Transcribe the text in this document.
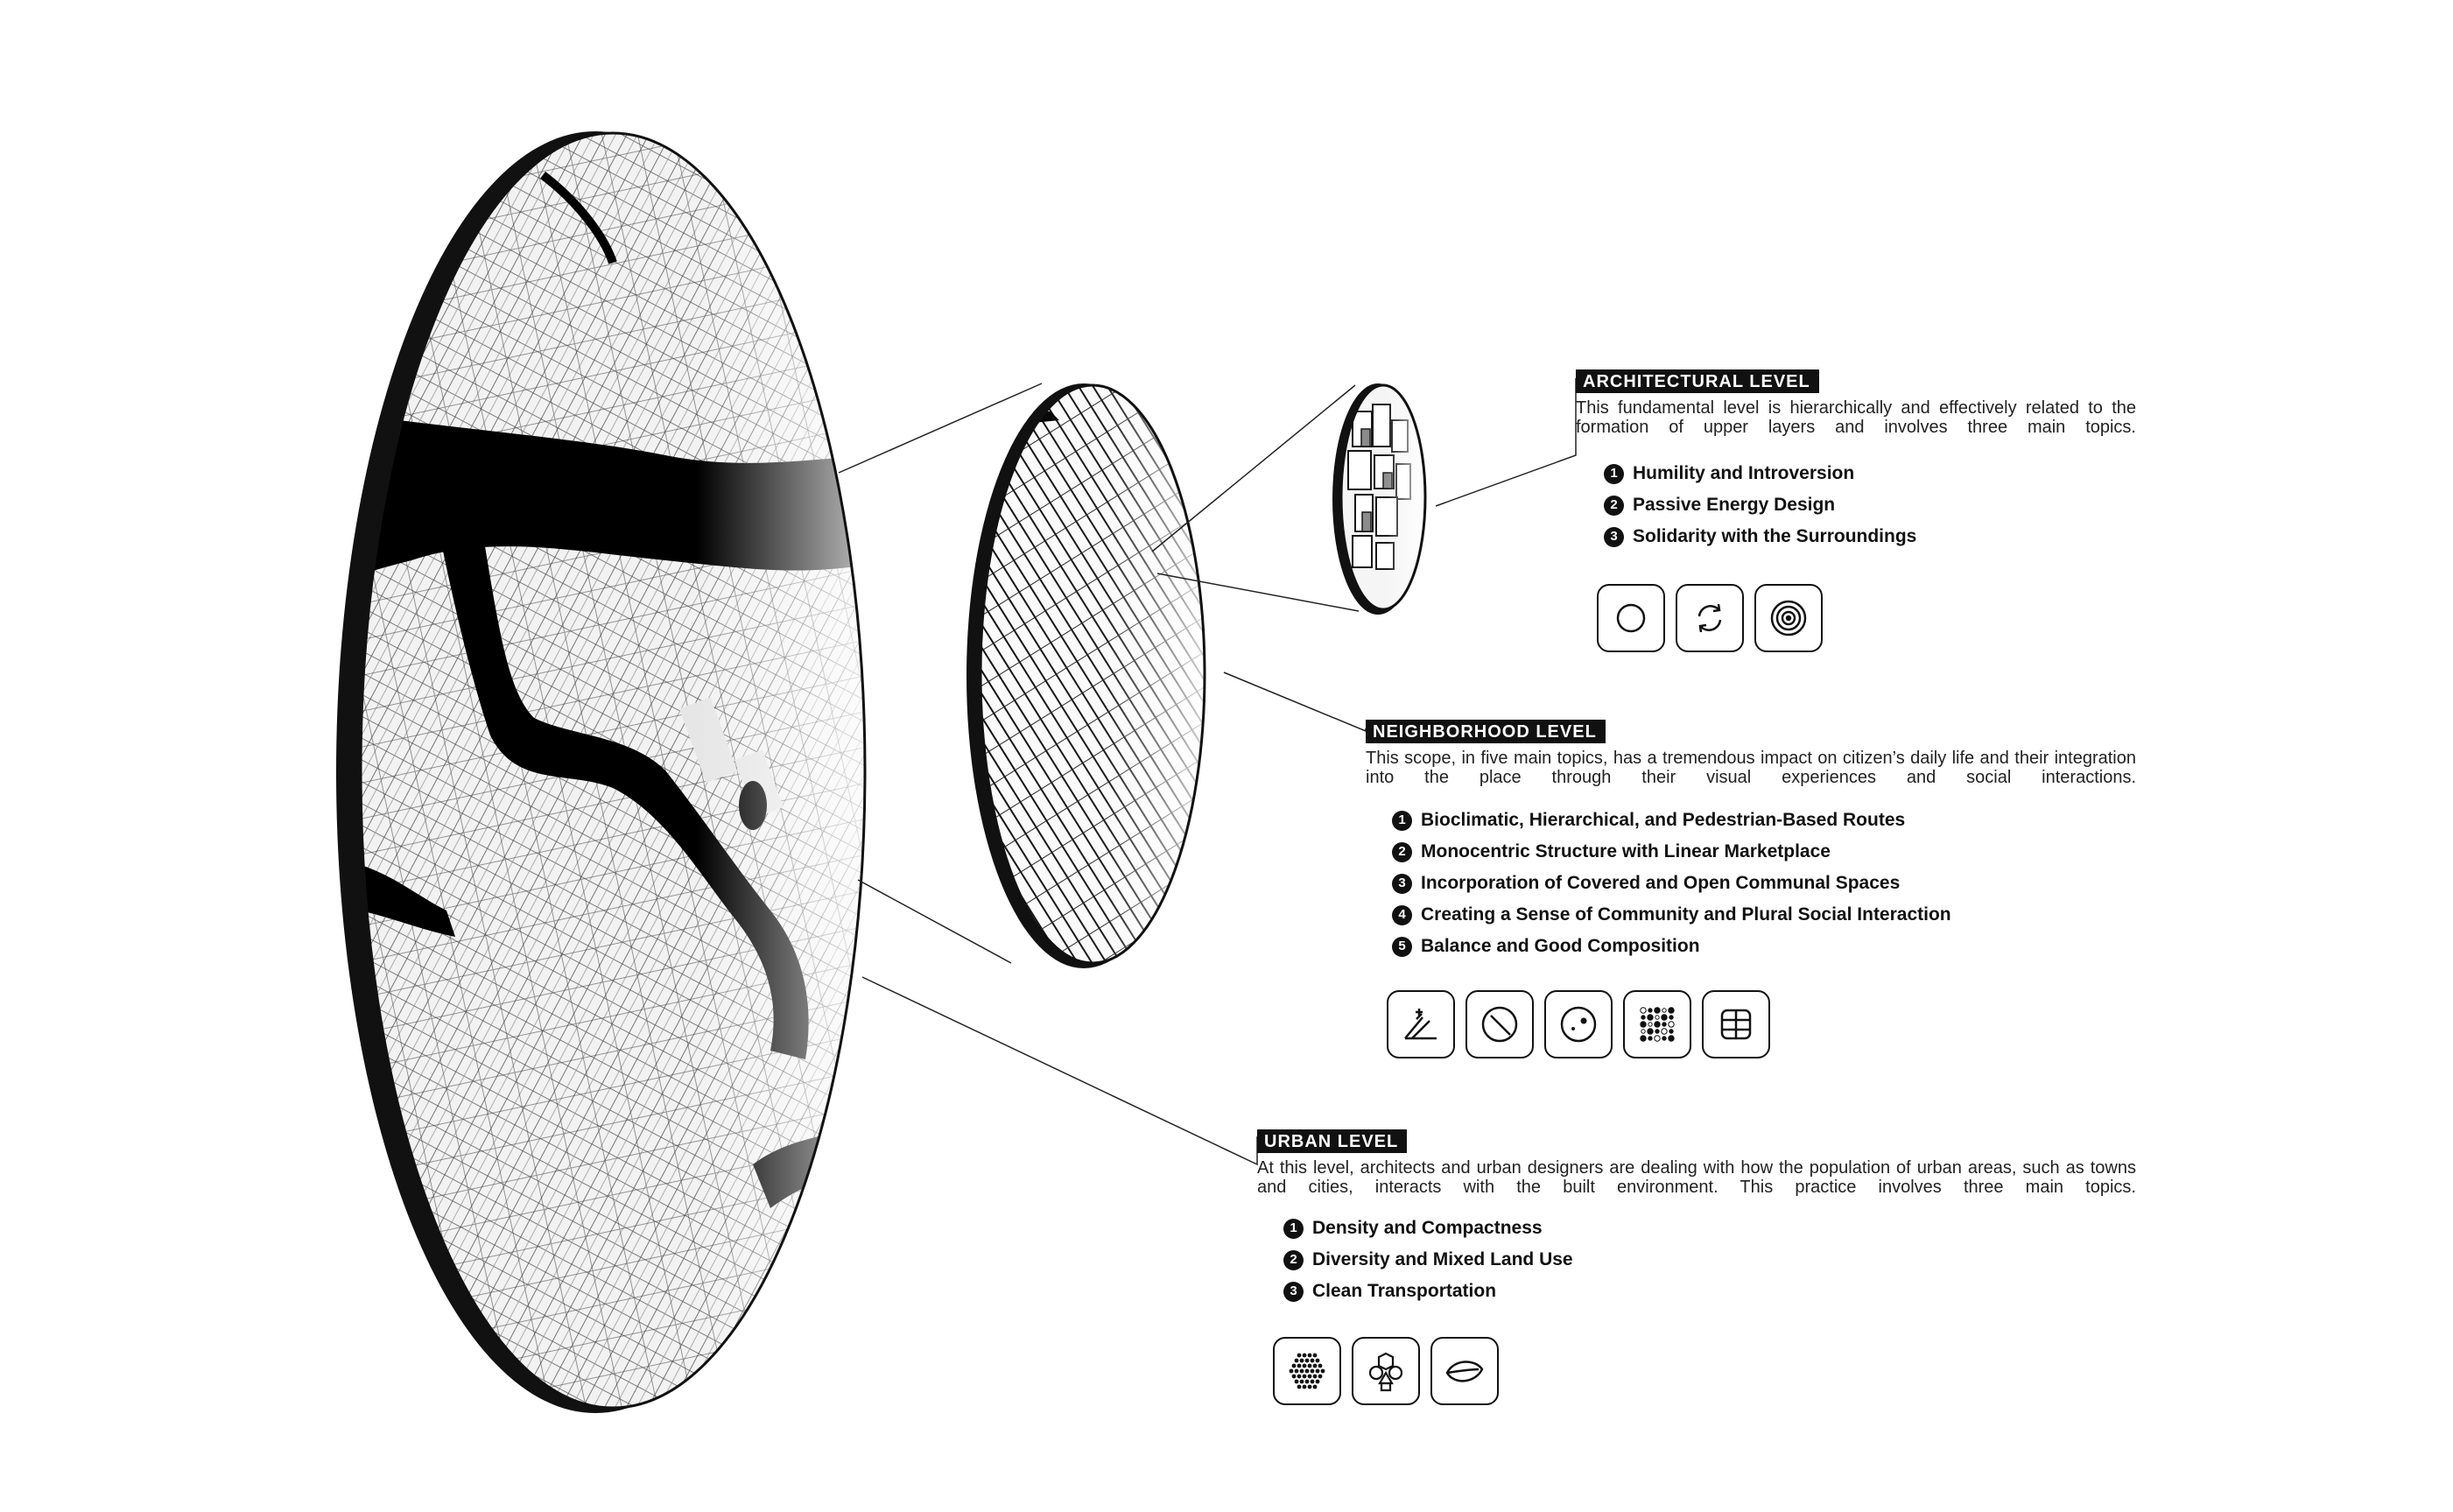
ARCHITECTURAL LEVEL
This fundamental level is hierarchically and effectively related to the formation of upper layers and involves three main topics.
1 Humility and Introversion
2 Passive Energy Design
3 Solidarity with the Surroundings
NEIGHBORHOOD LEVEL
This scope, in five main topics, has a tremendous impact on citizen’s daily life and their integration into the place through their visual experiences and social interactions.
1 Bioclimatic, Hierarchical, and Pedestrian-Based Routes
2 Monocentric Structure with Linear Marketplace
3 Incorporation of Covered and Open Communal Spaces
4 Creating a Sense of Community and Plural Social Interaction
5 Balance and Good Composition
URBAN LEVEL
At this level, architects and urban designers are dealing with how the population of urban areas, such as towns and cities, interacts with the built environment. This practice involves three main topics.
1 Density and Compactness
2 Diversity and Mixed Land Use
3 Clean Transportation
